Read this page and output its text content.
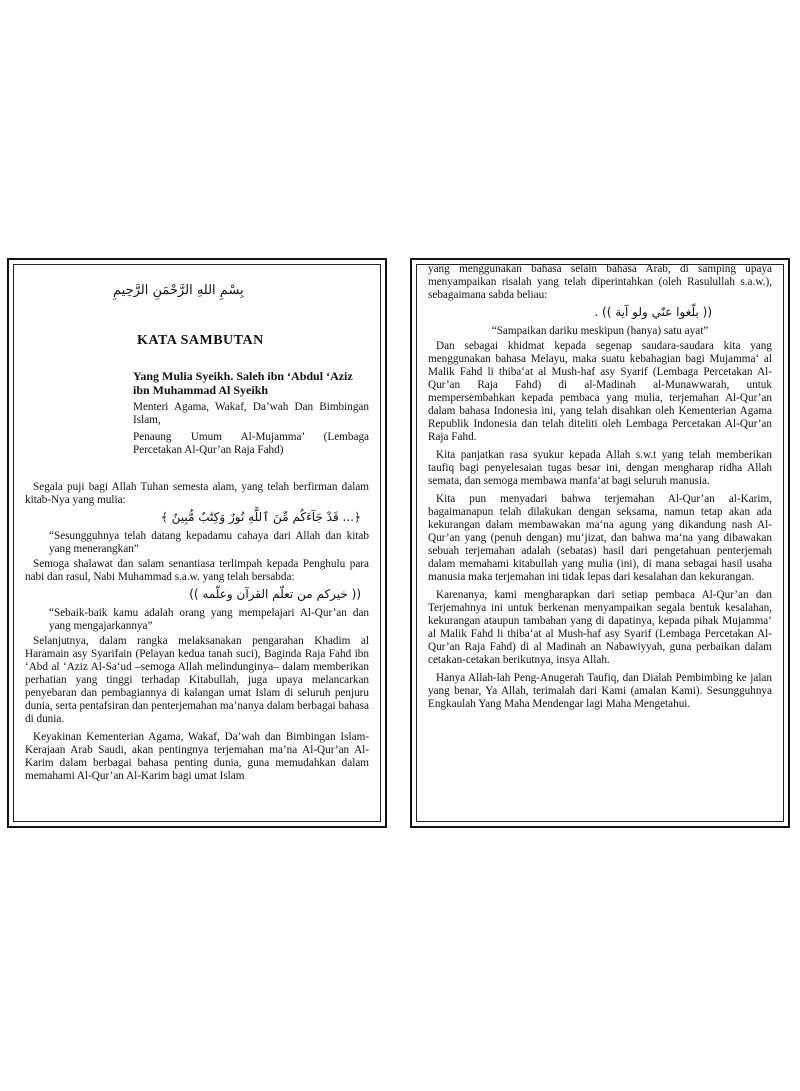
بِسْمِ اللهِ الرَّحْمَنِ الرَّحِيمِ
KATA SAMBUTAN
Yang Mulia Syeikh. Saleh ibn ‘Abdul ‘Aziz
ibn Muhammad Al Syeikh
Menteri Agama, Wakaf, Da’wah Dan Bimbingan Islam,
Penaung Umum Al-Mujamma’ (Lembaga Percetakan Al-Qur’an Raja Fahd)

Segala puji bagi Allah Tuhan semesta alam, yang telah berfirman dalam kitab-Nya yang mulia:

﴿... قَدْ جَآءَكُم مِّنَ ٱللَّهِ نُورٌ وَكِتَٰبٌ مُّبِينٌ ﴾

“Sesungguhnya telah datang kepadamu cahaya dari Allah dan kitab yang menerangkan”

Semoga shalawat dan salam senantiasa terlimpah kepada Penghulu para nabi dan rasul, Nabi Muhammad s.a.w. yang telah bersabda:

(( خيركم من تعلّم القرآن وعلّمه ))

“Sebaik-baik kamu adalah orang yang mempelajari Al-Qur’an dan yang mengajarkannya”

Selanjutnya, dalam rangka melaksanakan pengarahan Khadim al Haramain asy Syarifain (Pelayan kedua tanah suci), Baginda Raja Fahd ibn ‘Abd al ‘Aziz Al-Sa‘ud –semoga Allah melindunginya– dalam memberikan perhatian yang tinggi terhadap Kitabullah, juga upaya melancarkan penyebaran dan pembagiannya di kalangan umat Islam di seluruh penjuru dunia, serta pentafsiran dan penterjemahan ma’nanya dalam berbagai bahasa di dunia.

Keyakinan Kementerian Agama, Wakaf, Da’wah dan Bimbingan Islam-Kerajaan Arab Saudi, akan pentingnya terjemahan ma’na Al-Qur’an Al-Karim dalam berbagai bahasa penting dunia, guna memudahkan dalam memahami Al-Qur’an Al-Karim bagi umat Islam

yang menggunakan bahasa selain bahasa Arab, di samping upaya menyampaikan risalah yang telah diperintahkan (oleh Rasulullah s.a.w.), sebagaimana sabda beliau:

(( بلّغوا عنّي ولو آية )) .

“Sampaikan dariku meskipun (hanya) satu ayat”

Dan sebagai khidmat kepada segenap saudara-saudara kita yang menggunakan bahasa Melayu, maka suatu kebahagian bagi Mujamma‘ al Malik Fahd li thiba‘at al Mush-haf asy Syarif (Lembaga Percetakan Al-Qur’an Raja Fahd) di al-Madinah al-Munawwarah, untuk mempersembahkan kepada pembaca yang mulia, terjemahan Al-Qur’an dalam bahasa Indonesia ini, yang telah disahkan oleh Kementerian Agama Republik Indonesia dan telah diteliti oleh Lembaga Percetakan Al-Qur’an Raja Fahd.

Kita panjatkan rasa syukur kepada Allah s.w.t yang telah memberikan taufiq bagi penyelesaian tugas besar ini, dengan mengharap ridha Allah semata, dan semoga membawa manfa‘at bagi seluruh manusia.

Kita pun menyadari bahwa terjemahan Al-Qur’an al-Karim, bagaimanapun telah dilakukan dengan seksama, namun tetap akan ada kekurangan dalam membawakan ma‘na agung yang dikandung nash Al-Qur’an yang (penuh dengan) mu‘jizat, dan bahwa ma‘na yang dibawakan sebuah terjemahan adalah (sebatas) hasil dari pengetahuan penterjemah dalam memahami kitabullah yang mulia (ini), di mana sebagai hasil usaha manusia maka terjemahan ini tidak lepas dari kesalahan dan kekurangan.

Karenanya, kami mengharapkan dari setiap pembaca Al-Qur’an dan Terjemahnya ini untuk berkenan menyampaikan segala bentuk kesalahan, kekurangan ataupun tambahan yang di dapatinya, kepada pihak Mujamma‘ al Malik Fahd li thiba‘at al Mush-haf asy Syarif (Lembaga Percetakan Al-Qur’an Raja Fahd) di al Madinah an Nabawiyyah, guna perbaikan dalam cetakan-cetakan berikutnya, insya Allah.

Hanya Allah-lah Peng-Anugerah Taufiq, dan Dialah Pembimbing ke jalan yang benar, Ya Allah, terimalah dari Kami (amalan Kami). Sesungguhnya Engkaulah Yang Maha Mendengar lagi Maha Mengetahui.
